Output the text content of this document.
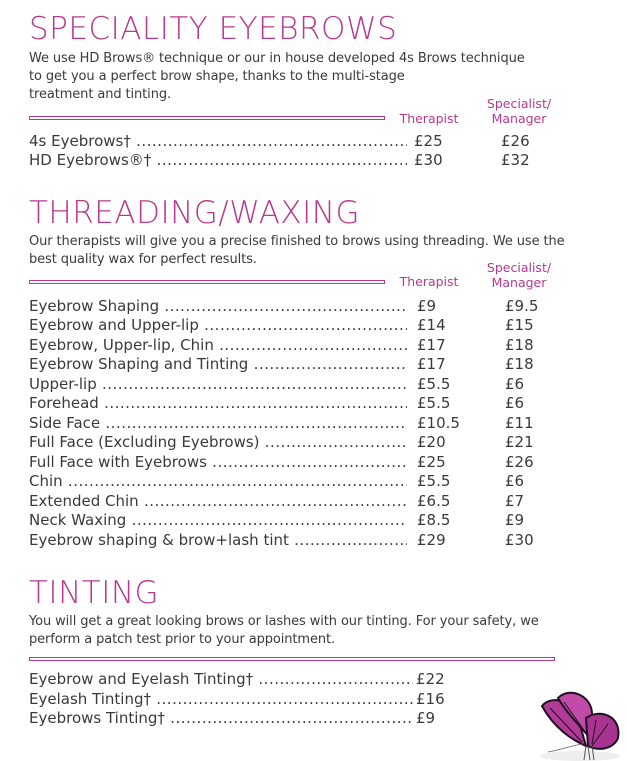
SPECIALITY EYEBROWS
We use HD Brows® technique or our in house developed 4s Brows technique
to get you a perfect brow shape, thanks to the multi-stage
treatment and tinting.
Therapist
Specialist/
Manager
4s Eyebrows† .....	£25	£26
HD Eyebrows®† .....	£30	£32
THREADING/WAXING
Our therapists will give you a precise finished to brows using threading. We use the
best quality wax for perfect results.
Therapist
Specialist/
Manager
Eyebrow Shaping .....	£9	£9.5
Eyebrow and Upper-lip .....	£14	£15
Eyebrow, Upper-lip, Chin .....	£17	£18
Eyebrow Shaping and Tinting .....	£17	£18
Upper-lip .....	£5.5	£6
Forehead .....	£5.5	£6
Side Face .....	£10.5	£11
Full Face (Excluding Eyebrows) .....	£20	£21
Full Face with Eyebrows .....	£25	£26
Chin .....	£5.5	£6
Extended Chin .....	£6.5	£7
Neck Waxing .....	£8.5	£9
Eyebrow shaping & brow+lash tint .....	£29	£30
TINTING
You will get a great looking brows or lashes with our tinting. For your safety, we
perform a patch test prior to your appointment.
Eyebrow and Eyelash Tinting† .....	£22
Eyelash Tinting† .....	£16
Eyebrows Tinting† .....	£9
